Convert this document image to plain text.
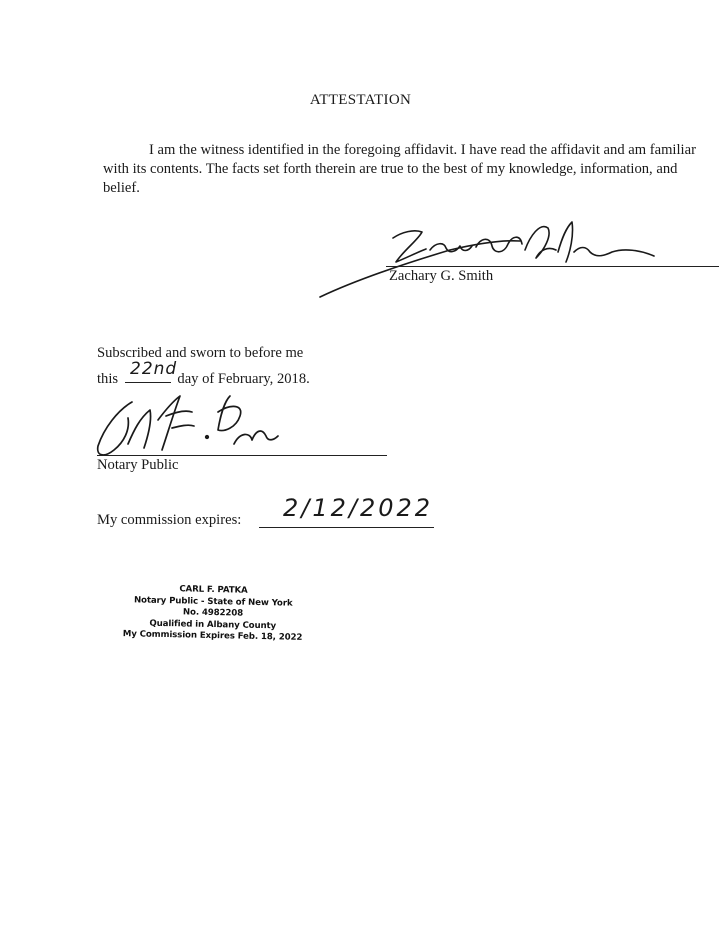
ATTESTATION
I am the witness identified in the foregoing affidavit. I have read the affidavit and am familiar with its contents. The facts set forth therein are true to the best of my knowledge, information, and belief.
Zachary G. Smith
Subscribed and sworn to before me
this	day of February, 2018.
22nd
Notary Public
My commission expires: 2/12/2022
CARL F. PATKA
Notary Public - State of New York
No. 4982208
Qualified in Albany County
My Commission Expires Feb. 18, 2022
